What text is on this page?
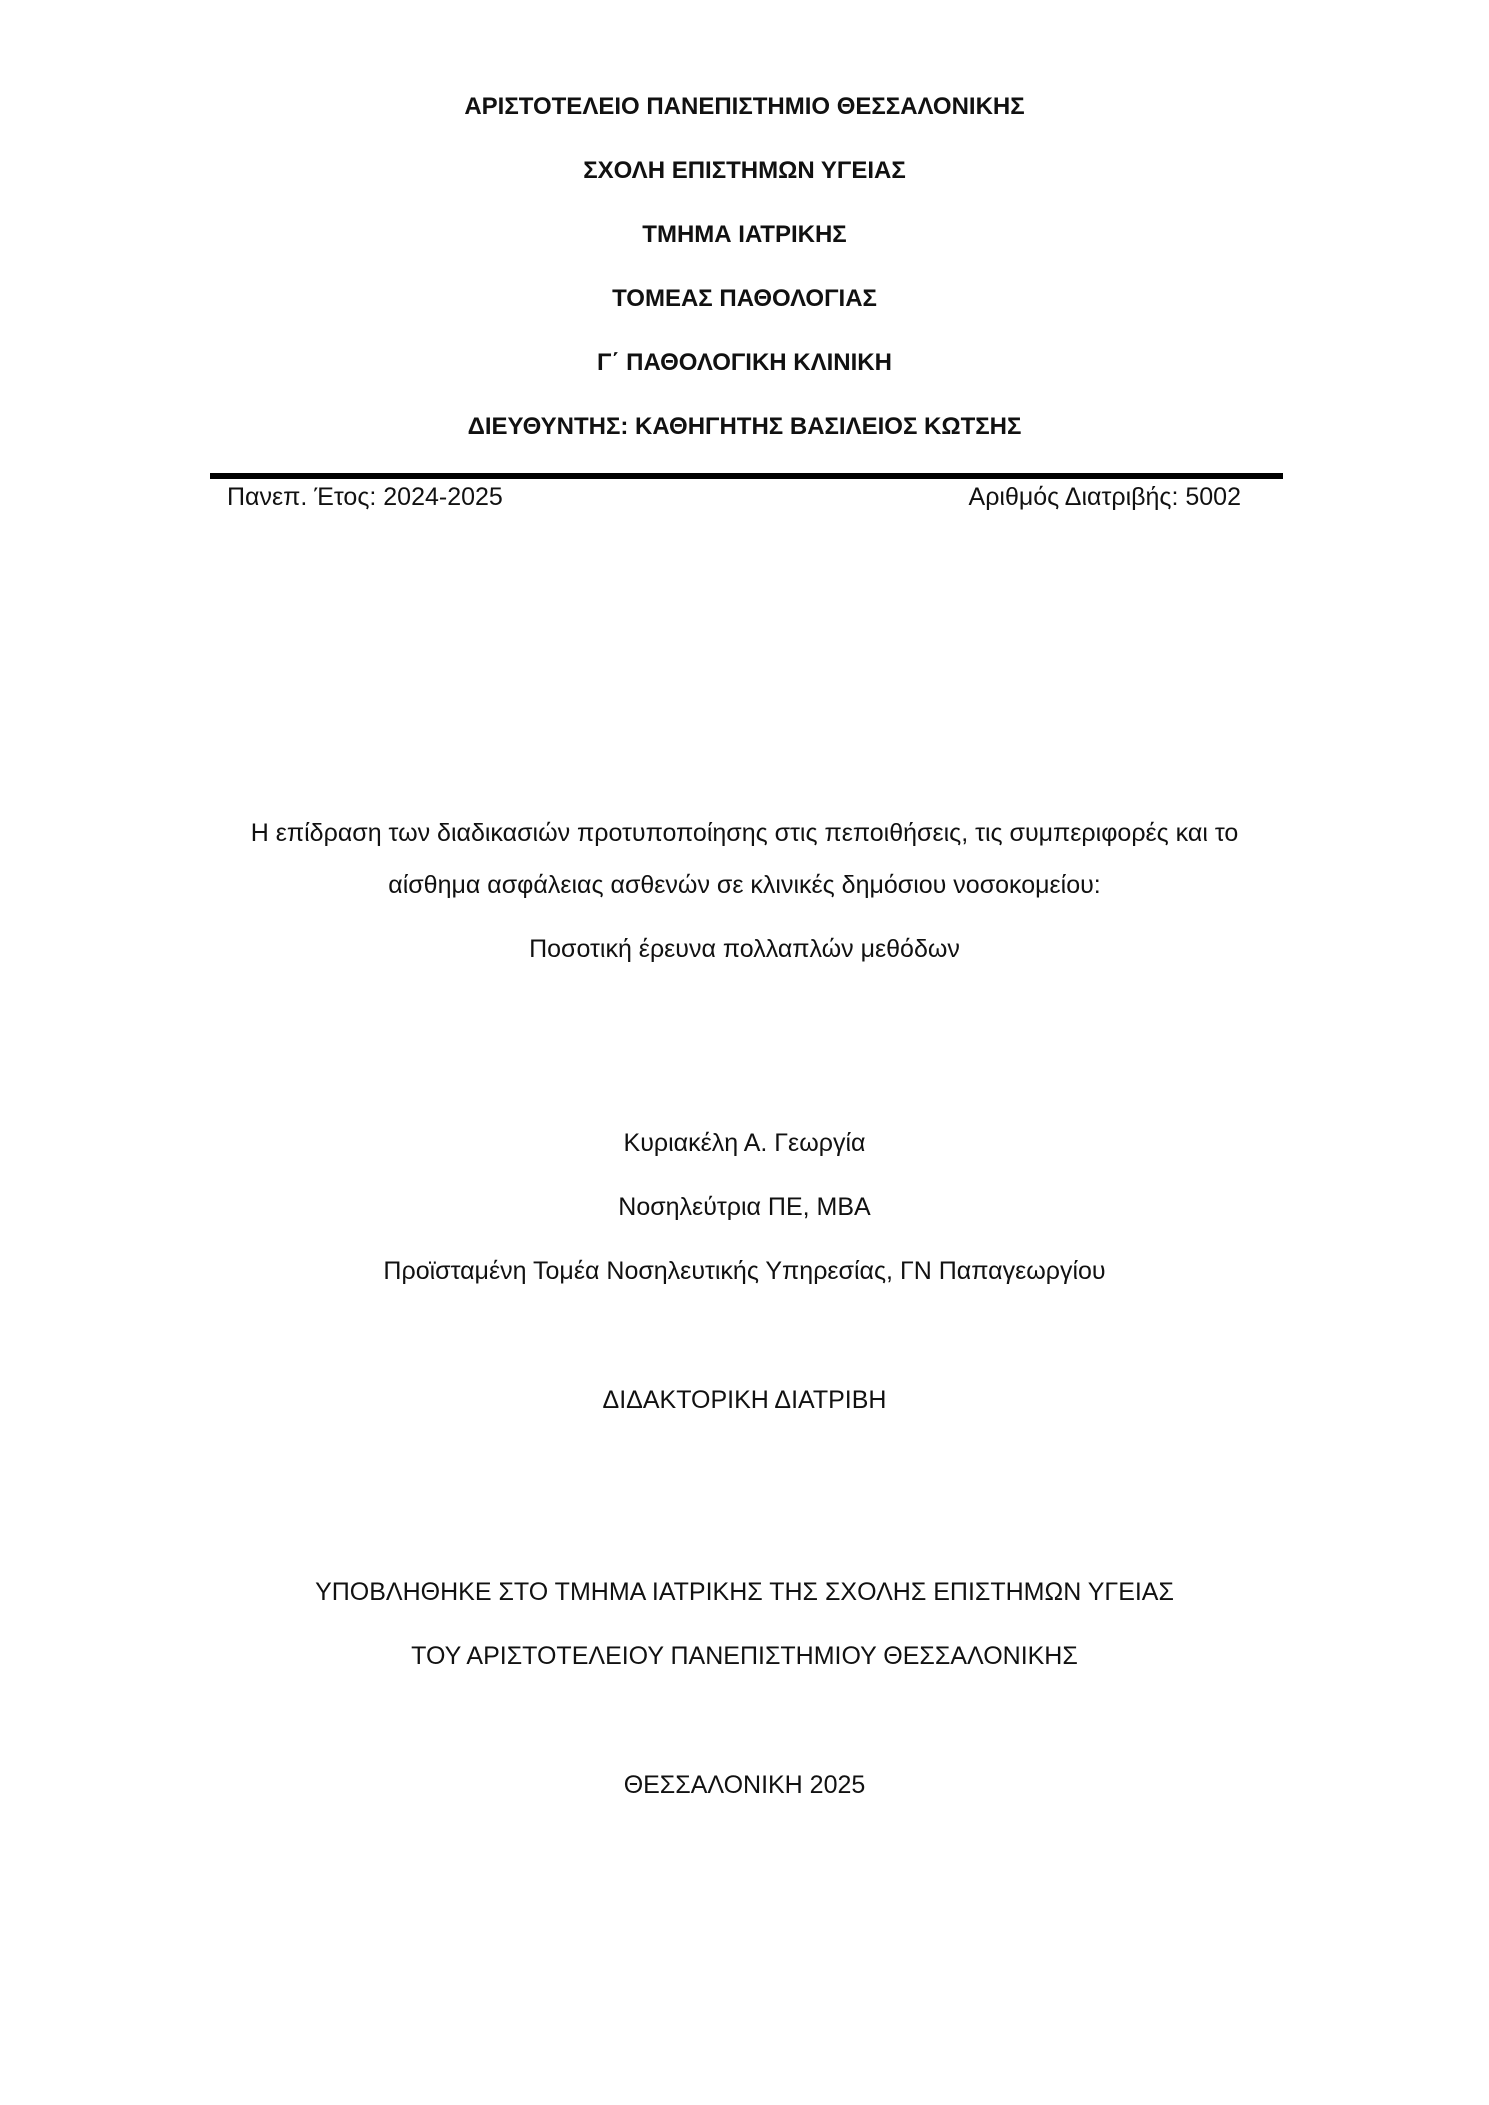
ΑΡΙΣΤΟΤΕΛΕΙΟ ΠΑΝΕΠΙΣΤΗΜΙΟ ΘΕΣΣΑΛΟΝΙΚΗΣ
ΣΧΟΛΗ ΕΠΙΣΤΗΜΩΝ ΥΓΕΙΑΣ
ΤΜΗΜΑ ΙΑΤΡΙΚΗΣ
ΤΟΜΕΑΣ ΠΑΘΟΛΟΓΙΑΣ
Γ΄ ΠΑΘΟΛΟΓΙΚΗ ΚΛΙΝΙΚΗ
ΔΙΕΥΘΥΝΤΗΣ: ΚΑΘΗΓΗΤΗΣ ΒΑΣΙΛΕΙΟΣ ΚΩΤΣΗΣ
Πανεπ. Έτος: 2024-2025	Αριθμός Διατριβής: 5002
Η επίδραση των διαδικασιών προτυποποίησης στις πεποιθήσεις, τις συμπεριφορές και το
αίσθημα ασφάλειας ασθενών σε κλινικές δημόσιου νοσοκομείου:
Ποσοτική έρευνα πολλαπλών μεθόδων
Κυριακέλη Α. Γεωργία
Νοσηλεύτρια ΠΕ, MBA
Προϊσταμένη Τομέα Νοσηλευτικής Υπηρεσίας, ΓΝ Παπαγεωργίου
ΔΙΔΑΚΤΟΡΙΚΗ ΔΙΑΤΡΙΒΗ
ΥΠΟΒΛΗΘΗΚΕ ΣΤΟ ΤΜΗΜΑ ΙΑΤΡΙΚΗΣ ΤΗΣ ΣΧΟΛΗΣ ΕΠΙΣΤΗΜΩΝ ΥΓΕΙΑΣ
ΤΟΥ ΑΡΙΣΤΟΤΕΛΕΙΟΥ ΠΑΝΕΠΙΣΤΗΜΙΟΥ ΘΕΣΣΑΛΟΝΙΚΗΣ
ΘΕΣΣΑΛΟΝΙΚΗ 2025
